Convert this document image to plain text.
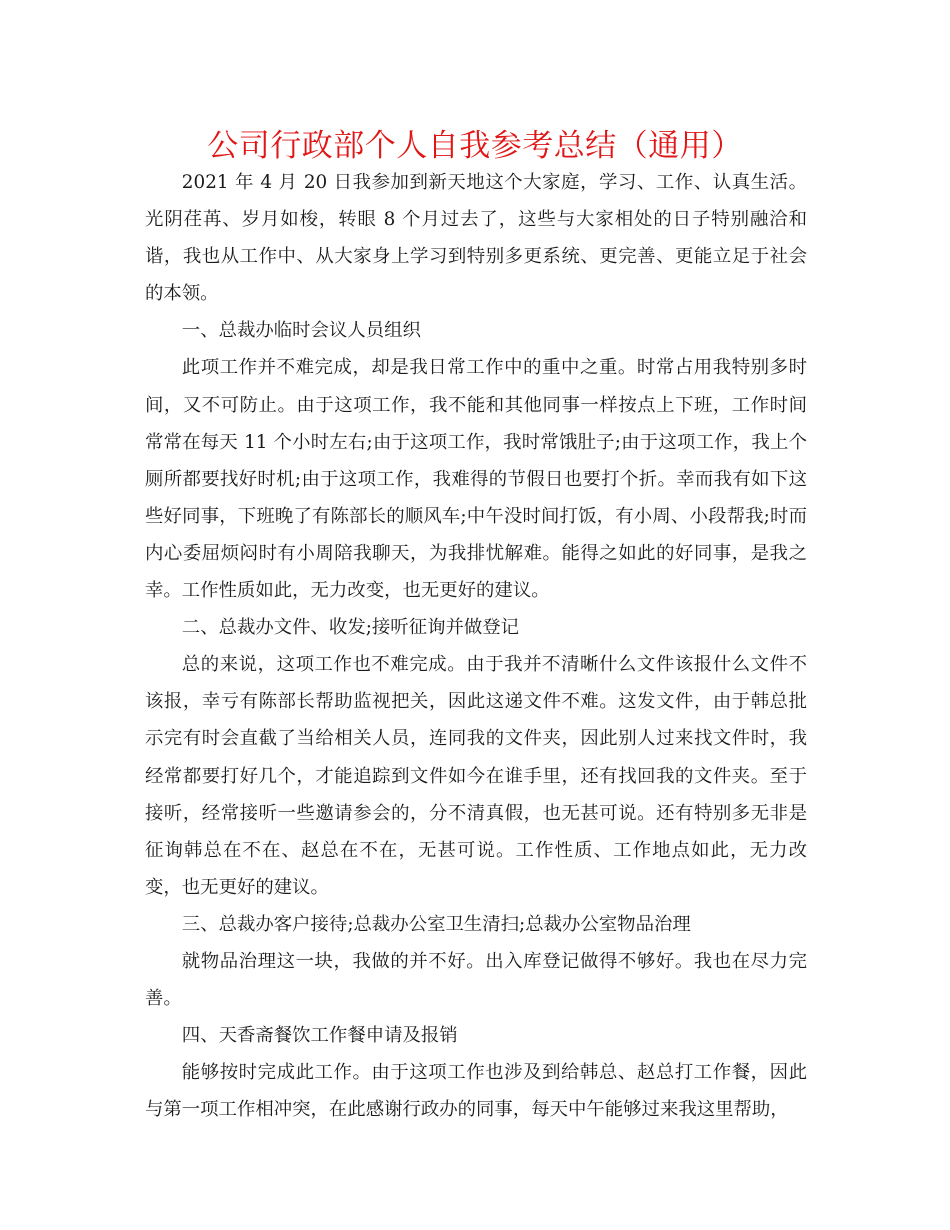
公司行政部个人自我参考总结（通用）

2021 年 4 月 20 日我参加到新天地这个大家庭，学习、工作、认真生活。光阴荏苒、岁月如梭，转眼 8 个月过去了，这些与大家相处的日子特别融洽和谐，我也从工作中、从大家身上学习到特别多更系统、更完善、更能立足于社会的本领。

一、总裁办临时会议人员组织

此项工作并不难完成，却是我日常工作中的重中之重。时常占用我特别多时间，又不可防止。由于这项工作，我不能和其他同事一样按点上下班，工作时间常常在每天 11 个小时左右;由于这项工作，我时常饿肚子;由于这项工作，我上个厕所都要找好时机;由于这项工作，我难得的节假日也要打个折。幸而我有如下这些好同事，下班晚了有陈部长的顺风车;中午没时间打饭，有小周、小段帮我;时而内心委屈烦闷时有小周陪我聊天，为我排忧解难。能得之如此的好同事，是我之幸。工作性质如此，无力改变，也无更好的建议。

二、总裁办文件、收发;接听征询并做登记

总的来说，这项工作也不难完成。由于我并不清晰什么文件该报什么文件不该报，幸亏有陈部长帮助监视把关，因此这递文件不难。这发文件，由于韩总批示完有时会直截了当给相关人员，连同我的文件夹，因此别人过来找文件时，我经常都要打好几个，才能追踪到文件如今在谁手里，还有找回我的文件夹。至于接听，经常接听一些邀请参会的，分不清真假，也无甚可说。还有特别多无非是征询韩总在不在、赵总在不在，无甚可说。工作性质、工作地点如此，无力改变，也无更好的建议。

三、总裁办客户接待;总裁办公室卫生清扫;总裁办公室物品治理

就物品治理这一块，我做的并不好。出入库登记做得不够好。我也在尽力完善。

四、天香斋餐饮工作餐申请及报销

能够按时完成此工作。由于这项工作也涉及到给韩总、赵总打工作餐，因此与第一项工作相冲突，在此感谢行政办的同事，每天中午能够过来我这里帮助，
